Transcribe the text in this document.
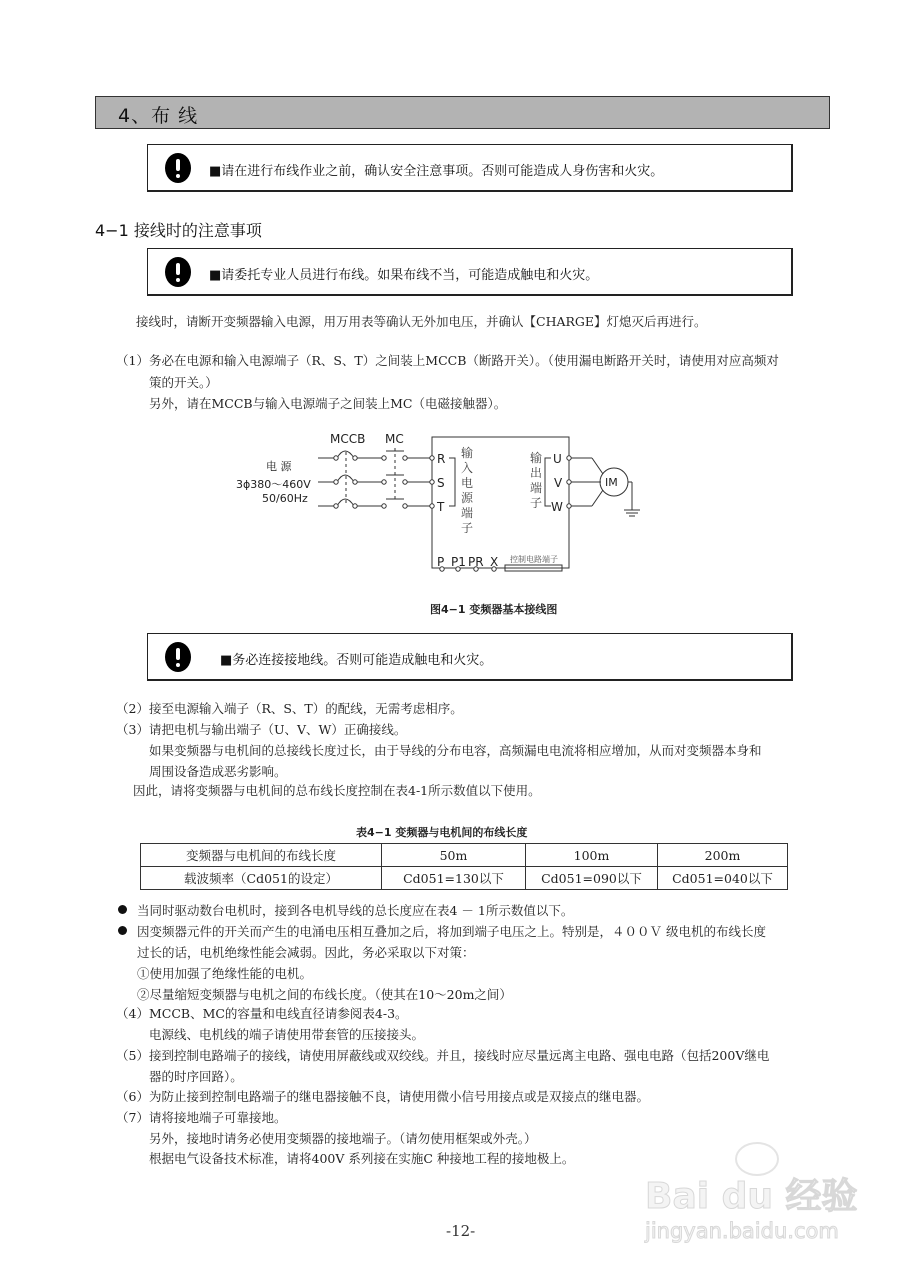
4、布 线
■请在进行布线作业之前，确认安全注意事项。否则可能造成人身伤害和火灾。
4−1 接线时的注意事项
■请委托专业人员进行布线。如果布线不当，可能造成触电和火灾。
接线时，请断开变频器输入电源，用万用表等确认无外加电压，并确认【CHARGE】灯熄灭后再进行。
（1）务必在电源和输入电源端子（R、S、T）之间装上MCCB（断路开关）。（使用漏电断路开关时，请使用对应高频对
策的开关。）
另外，请在MCCB与输入电源端子之间装上MC（电磁接触器）。
MCCB MC
电 源
3ϕ380～460V
50/60Hz
R
S
T
输
入
电
源
端
子
输
出
端
子
U
V
W
IM
P P1 PR X 控制电路端子
图4−1 变频器基本接线图
■务必连接接地线。否则可能造成触电和火灾。
（2）接至电源输入端子（R、S、T）的配线，无需考虑相序。
（3）请把电机与输出端子（U、V、W）正确接线。
如果变频器与电机间的总接线长度过长，由于导线的分布电容，高频漏电电流将相应增加，从而对变频器本身和
周围设备造成恶劣影响。
因此，请将变频器与电机间的总布线长度控制在表4-1所示数值以下使用。
表4−1 变频器与电机间的布线长度
变频器与电机间的布线长度	50m	100m	200m
载波频率（Cd051的设定）	Cd051=130以下	Cd051=090以下	Cd051=040以下
当同时驱动数台电机时，接到各电机导线的总长度应在表4 － 1所示数值以下。
因变频器元件的开关而产生的电涌电压相互叠加之后，将加到端子电压之上。特别是，４００Ｖ 级电机的布线长度
过长的话，电机绝缘性能会减弱。因此，务必采取以下对策：
①使用加强了绝缘性能的电机。
②尽量缩短变频器与电机之间的布线长度。（使其在10～20m之间）
（4）MCCB、MC的容量和电线直径请参阅表4-3。
电源线、电机线的端子请使用带套管的压接接头。
（5）接到控制电路端子的接线，请使用屏蔽线或双绞线。并且，接线时应尽量远离主电路、强电电路（包括200V继电
器的时序回路）。
（6）为防止接到控制电路端子的继电器接触不良，请使用微小信号用接点或是双接点的继电器。
（7）请将接地端子可靠接地。
另外，接地时请务必使用变频器的接地端子。（请勿使用框架或外壳。）
根据电气设备技术标准，请将400V 系列接在实施C 种接地工程的接地极上。
-12-
Bai du 经验
jingyan.baidu.com
